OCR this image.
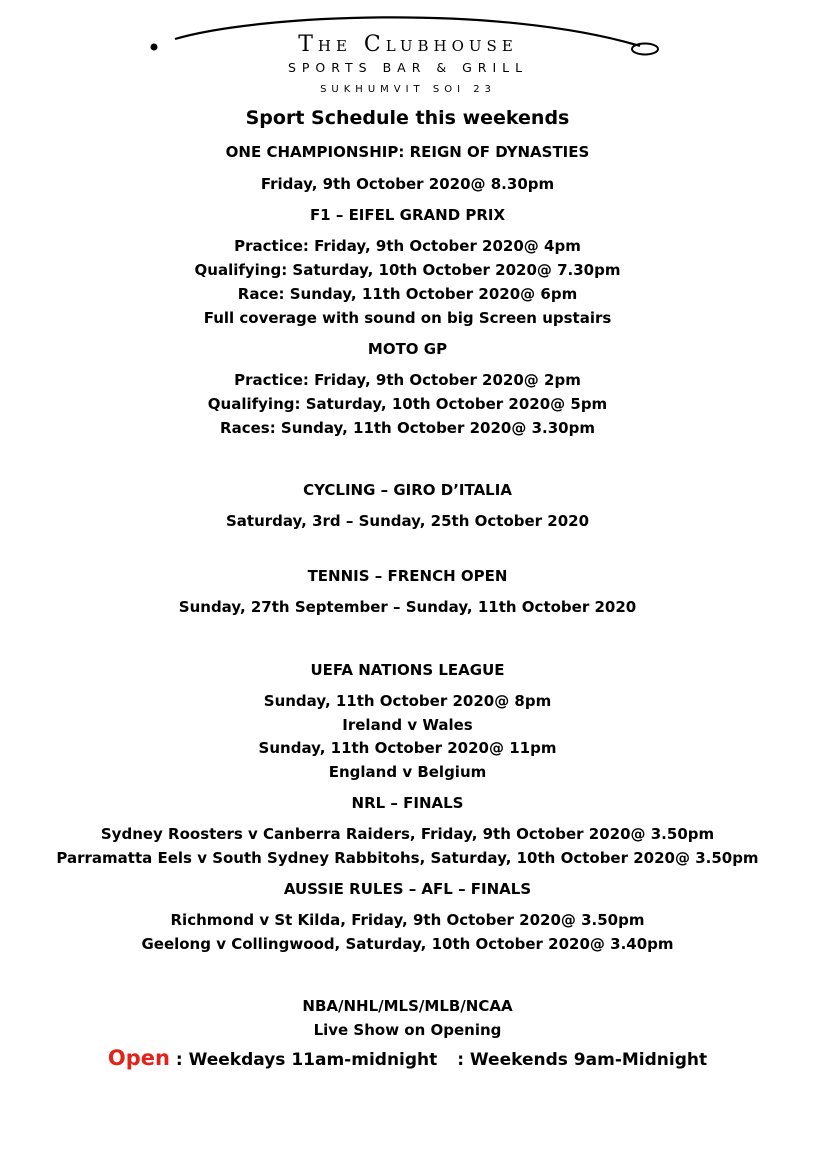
The Clubhouse
SPORTS BAR & GRILL
SUKHUMVIT SOI 23
Sport Schedule this weekends
ONE CHAMPIONSHIP: REIGN OF DYNASTIES
Friday, 9th October 2020@ 8.30pm
F1 – EIFEL GRAND PRIX
Practice: Friday, 9th October 2020@ 4pm
Qualifying: Saturday, 10th October 2020@ 7.30pm
Race: Sunday, 11th October 2020@ 6pm
Full coverage with sound on big Screen upstairs
MOTO GP
Practice: Friday, 9th October 2020@ 2pm
Qualifying: Saturday, 10th October 2020@ 5pm
Races: Sunday, 11th October 2020@ 3.30pm
CYCLING – GIRO D’ITALIA
Saturday, 3rd – Sunday, 25th October 2020
TENNIS – FRENCH OPEN
Sunday, 27th September – Sunday, 11th October 2020
UEFA NATIONS LEAGUE
Sunday, 11th October 2020@ 8pm
Ireland v Wales
Sunday, 11th October 2020@ 11pm
England v Belgium
NRL – FINALS
Sydney Roosters v Canberra Raiders, Friday, 9th October 2020@ 3.50pm
Parramatta Eels v South Sydney Rabbitohs, Saturday, 10th October 2020@ 3.50pm
AUSSIE RULES – AFL – FINALS
Richmond v St Kilda, Friday, 9th October 2020@ 3.50pm
Geelong v Collingwood, Saturday, 10th October 2020@ 3.40pm
NBA/NHL/MLS/MLB/NCAA
Live Show on Opening
Open : Weekdays 11am-midnight : Weekends 9am-Midnight
